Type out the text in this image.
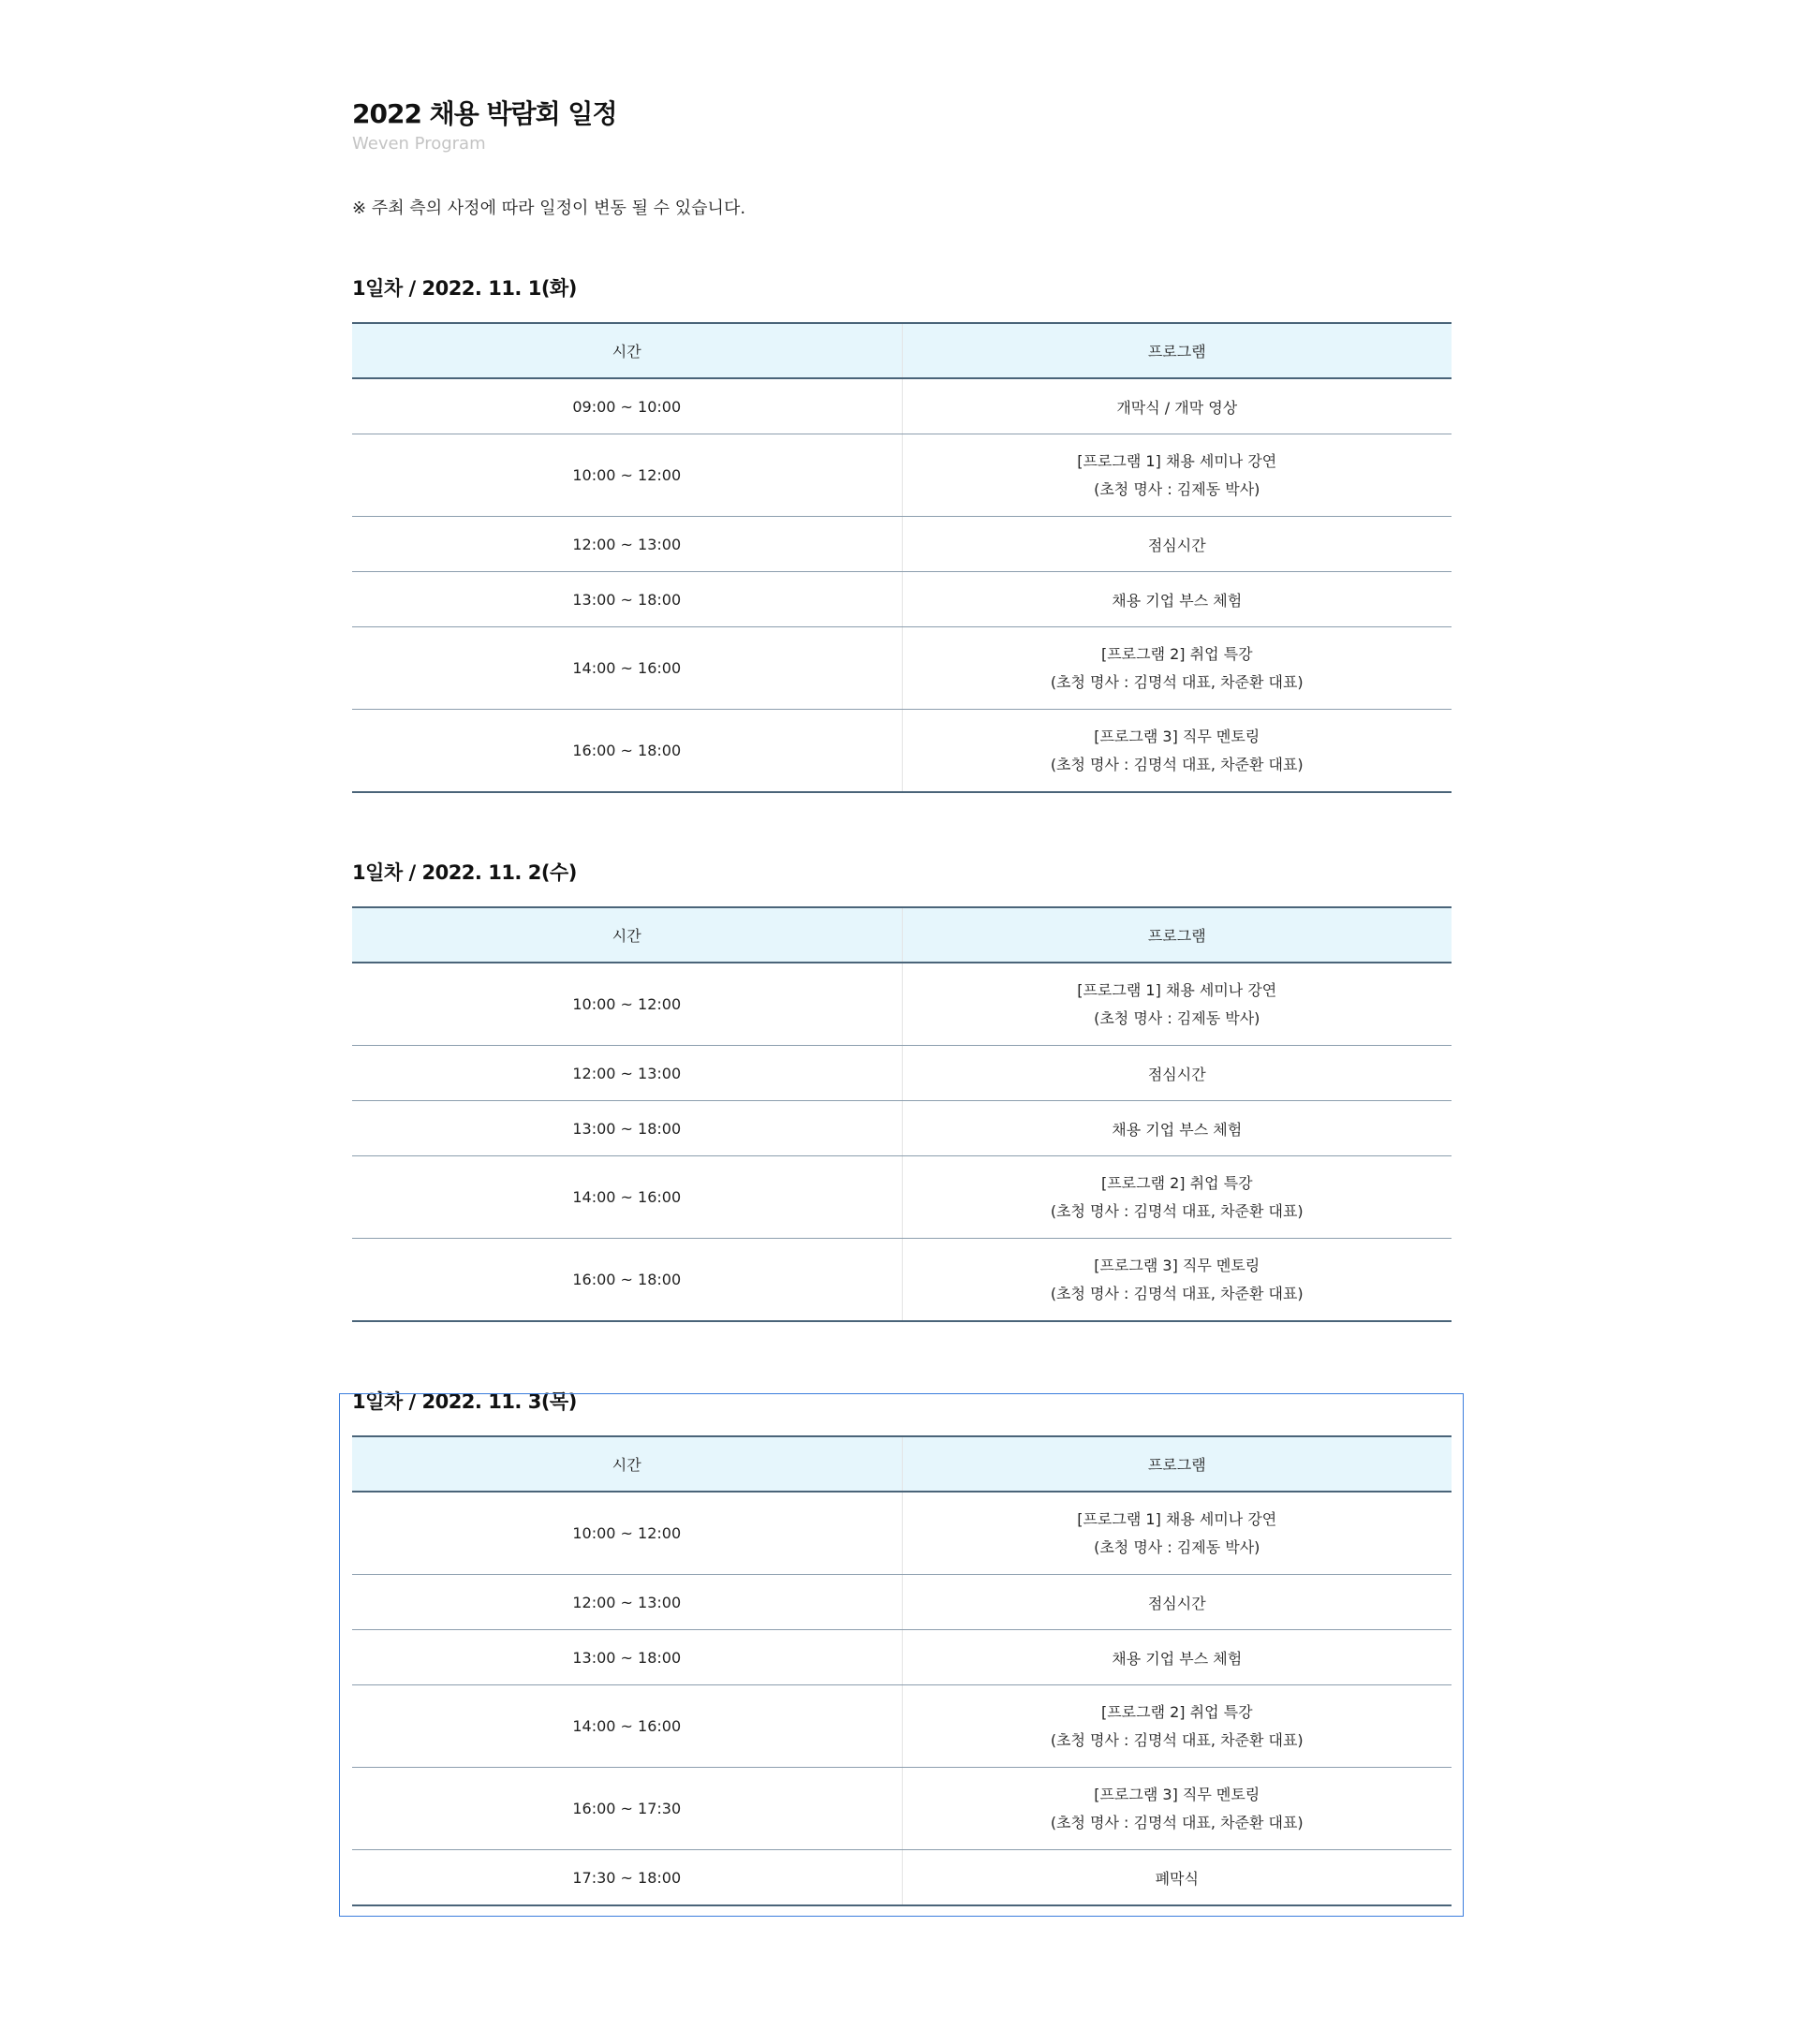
2022 채용 박람회 일정
Weven Program
※ 주최 측의 사정에 따라 일정이 변동 될 수 있습니다.
1일차 / 2022. 11. 1(화)
시간	프로그램
09:00 ~ 10:00	개막식 / 개막 영상

10:00 ~ 12:00	[프로그램 1] 채용 세미나 강연
(초청 명사 : 김제동 박사)

12:00 ~ 13:00	점심시간

13:00 ~ 18:00	채용 기업 부스 체험

14:00 ~ 16:00	[프로그램 2] 취업 특강
(초청 명사 : 김명석 대표, 차준환 대표)

16:00 ~ 18:00	[프로그램 3] 직무 멘토링
(초청 명사 : 김명석 대표, 차준환 대표)
1일차 / 2022. 11. 2(수)
시간	프로그램
10:00 ~ 12:00	[프로그램 1] 채용 세미나 강연
(초청 명사 : 김제동 박사)

12:00 ~ 13:00	점심시간

13:00 ~ 18:00	채용 기업 부스 체험

14:00 ~ 16:00	[프로그램 2] 취업 특강
(초청 명사 : 김명석 대표, 차준환 대표)

16:00 ~ 18:00	[프로그램 3] 직무 멘토링
(초청 명사 : 김명석 대표, 차준환 대표)
1일차 / 2022. 11. 3(목)
시간	프로그램
10:00 ~ 12:00	[프로그램 1] 채용 세미나 강연
(초청 명사 : 김제동 박사)

12:00 ~ 13:00	점심시간

13:00 ~ 18:00	채용 기업 부스 체험

14:00 ~ 16:00	[프로그램 2] 취업 특강
(초청 명사 : 김명석 대표, 차준환 대표)

16:00 ~ 17:30	[프로그램 3] 직무 멘토링
(초청 명사 : 김명석 대표, 차준환 대표)

17:30 ~ 18:00	폐막식
